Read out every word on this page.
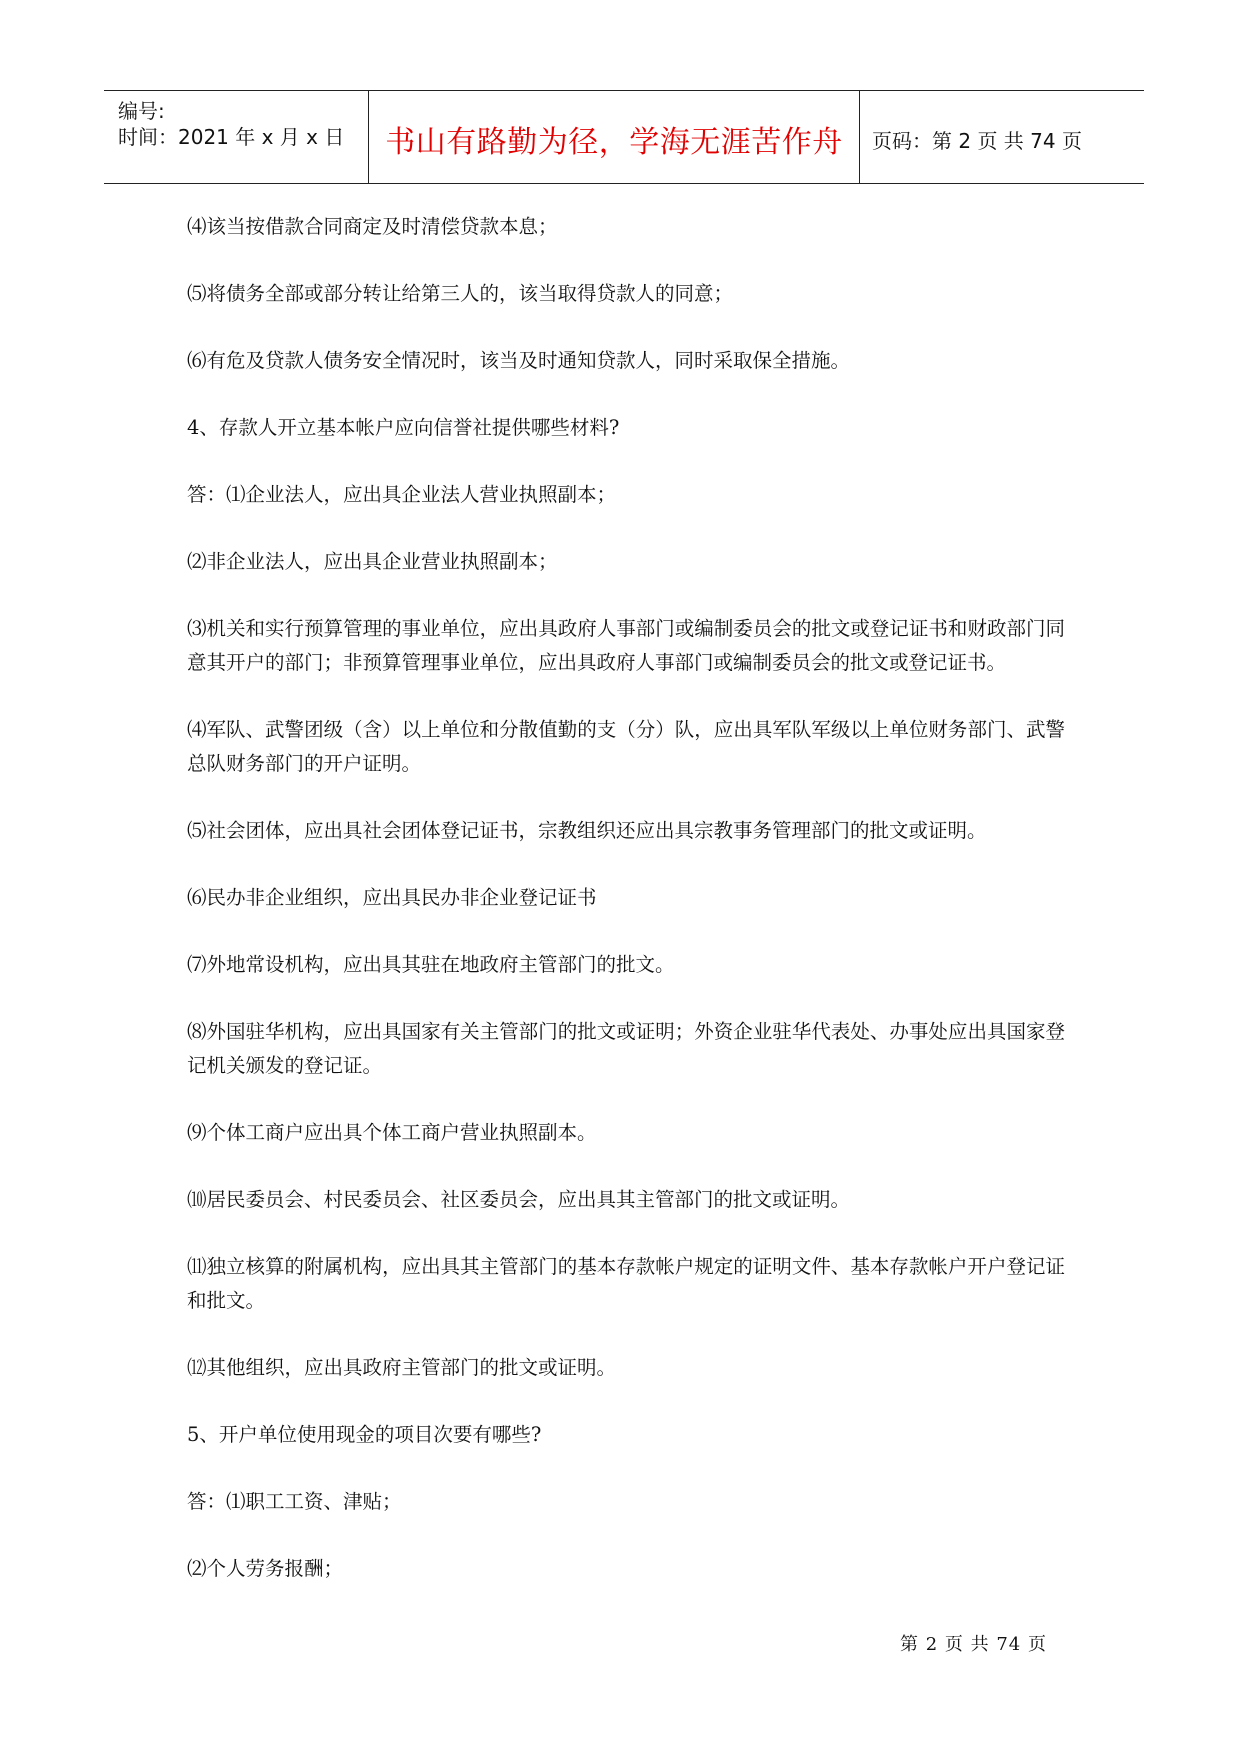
编号:
时间：2021 年 x 月 x 日	书山有路勤为径，学海无涯苦作舟	页码：第 2 页 共 74 页

⑷该当按借款合同商定及时清偿贷款本息；

⑸将债务全部或部分转让给第三人的，该当取得贷款人的同意；

⑹有危及贷款人债务安全情况时，该当及时通知贷款人，同时采取保全措施。

4、存款人开立基本帐户应向信誉社提供哪些材料?

答：⑴企业法人，应出具企业法人营业执照副本；

⑵非企业法人，应出具企业营业执照副本；

⑶机关和实行预算管理的事业单位，应出具政府人事部门或编制委员会的批文或登记证书和财政部门同意其开户的部门；非预算管理事业单位，应出具政府人事部门或编制委员会的批文或登记证书。

⑷军队、武警团级（含）以上单位和分散值勤的支（分）队，应出具军队军级以上单位财务部门、武警总队财务部门的开户证明。

⑸社会团体，应出具社会团体登记证书，宗教组织还应出具宗教事务管理部门的批文或证明。

⑹民办非企业组织，应出具民办非企业登记证书

⑺外地常设机构，应出具其驻在地政府主管部门的批文。

⑻外国驻华机构，应出具国家有关主管部门的批文或证明；外资企业驻华代表处、办事处应出具国家登记机关颁发的登记证。

⑼个体工商户应出具个体工商户营业执照副本。

⑽居民委员会、村民委员会、社区委员会，应出具其主管部门的批文或证明。

⑾独立核算的附属机构，应出具其主管部门的基本存款帐户规定的证明文件、基本存款帐户开户登记证和批文。

⑿其他组织，应出具政府主管部门的批文或证明。

5、开户单位使用现金的项目次要有哪些?

答：⑴职工工资、津贴；

⑵个人劳务报酬；

第 2 页 共 74 页
